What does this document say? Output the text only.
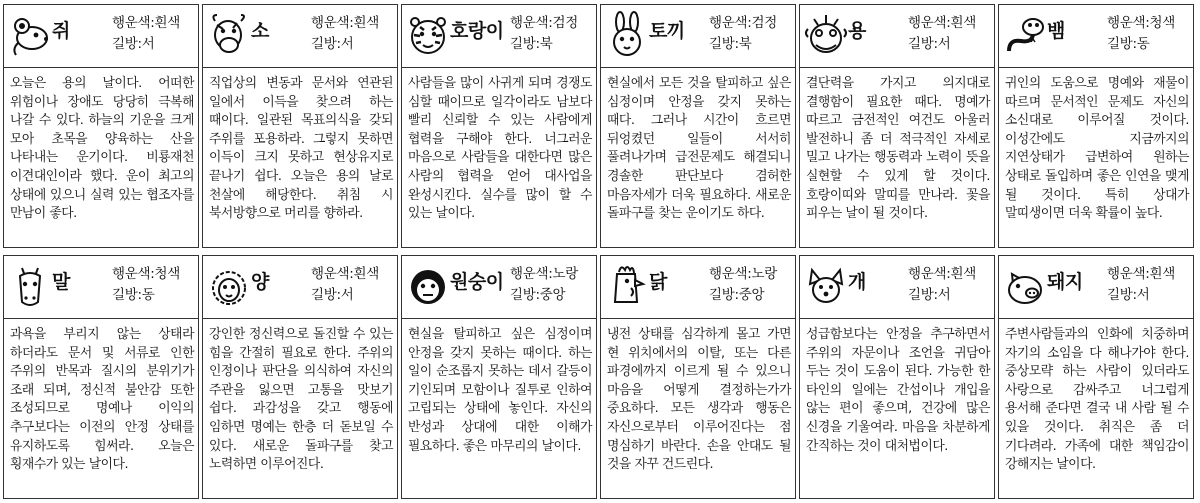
쥐	행운색:흰색
길방:서
오늘은 용의 날이다. 어떠한 위험이나 장애도 당당히 극복해 나갈 수 있다. 하늘의 기운을 크게 모아 초목을 양육하는 산을 나타내는 운기이다. 비룡재천 이견대인이라 했다. 운이 최고의 상태에 있으니 실력 있는 협조자를 만남이 좋다.
소	행운색:흰색
길방:서
직업상의 변동과 문서와 연관된 일에서 이득을 찾으려 하는 때이다. 일관된 목표의식을 갖되 주위를 포용하라. 그렇지 못하면 이득이 크지 못하고 현상유지로 끝나기 쉽다. 오늘은 용의 날로 천살에 해당한다. 취침 시 북서방향으로 머리를 향하라.
호랑이 행운색:검정
길방:북
사람들을 많이 사귀게 되며 경쟁도 심할 때이므로 일각이라도 남보다 빨리 신뢰할 수 있는 사람에게 협력을 구해야 한다. 너그러운 마음으로 사람들을 대한다면 많은 사람의 협력을 얻어 대사업을 완성시킨다. 실수를 많이 할 수 있는 날이다.
토끼 행운색:검정
길방:북
현실에서 모든 것을 탈피하고 싶은 심정이며 안정을 갖지 못하는 때다. 그러나 시간이 흐르면 뒤엉켰던 일들이 서서히 풀려나가며 급전문제도 해결되니 경솔한 판단보다 겸허한 마음자세가 더욱 필요하다. 새로운 돌파구를 찾는 운이기도 하다.
용	행운색:흰색
길방:서
결단력을 가지고 의지대로 결행함이 필요한 때다. 명예가 따르고 금전적인 여건도 아울러 발전하니 좀 더 적극적인 자세로 밀고 나가는 행동력과 노력이 뜻을 실현할 수 있게 할 것이다. 호랑이띠와 말띠를 만나라. 꽃을 피우는 날이 될 것이다.
뱀	행운색:청색
길방:동
귀인의 도움으로 명예와 재물이 따르며 문서적인 문제도 자신의 소신대로 이루어질 것이다. 이성간에도 지금까지의 지연상태가 급변하여 원하는 상태로 돌입하며 좋은 인연을 맺게 될 것이다. 특히 상대가 말띠생이면 더욱 확률이 높다.
말	행운색:청색
길방:동
과욕을 부리지 않는 상태라 하더라도 문서 및 서류로 인한 주위의 반목과 질시의 분위기가 조래 되며, 정신적 불안감 또한 조성되므로 명예나 이익의 추구보다는 이전의 안정 상태를 유지하도록 힘써라. 오늘은 횡재수가 있는 날이다.
양	행운색:흰색
길방:서
강인한 정신력으로 돌진할 수 있는 힘을 간절히 필요로 한다. 주위의 인정이나 판단을 의식하여 자신의 주관을 잃으면 고통을 맛보기 쉽다. 과감성을 갖고 행동에 임하면 명예는 한층 더 돋보일 수 있다. 새로운 돌파구를 찾고 노력하면 이루어진다.
원숭이 행운색:노랑
길방:중앙
현실을 탈피하고 싶은 심정이며 안정을 갖지 못하는 때이다. 하는 일이 순조롭지 못하는 데서 갈등이 기인되며 모함이나 질투로 인하여 고립되는 상태에 놓인다. 자신의 반성과 상대에 대한 이해가 필요하다. 좋은 마무리의 날이다.
닭	행운색:노랑
길방:중앙
냉전 상태를 심각하게 몰고 가면 현 위치에서의 이탈, 또는 다른 파경에까지 이르게 될 수 있으니 마음을 어떻게 결정하는가가 중요하다. 모든 생각과 행동은 자신으로부터 이루어진다는 점 명심하기 바란다. 손을 안대도 될 것을 자꾸 건드린다.
개	행운색:흰색
길방:서
성급함보다는 안정을 추구하면서 주위의 자문이나 조언을 귀담아 두는 것이 도움이 된다. 가능한 한 타인의 일에는 간섭이나 개입을 않는 편이 좋으며, 건강에 많은 신경을 기울여라. 마음을 차분하게 간직하는 것이 대처법이다.
돼지 행운색:흰색
길방:서
주변사람들과의 인화에 치중하며 자기의 소임을 다 해나가야 한다. 중상모략 하는 사람이 있더라도 사랑으로 감싸주고 너그럽게 용서해 준다면 결국 내 사람 될 수 있을 것이다. 취직은 좀 더 기다려라. 가족에 대한 책임감이 강해지는 날이다.
